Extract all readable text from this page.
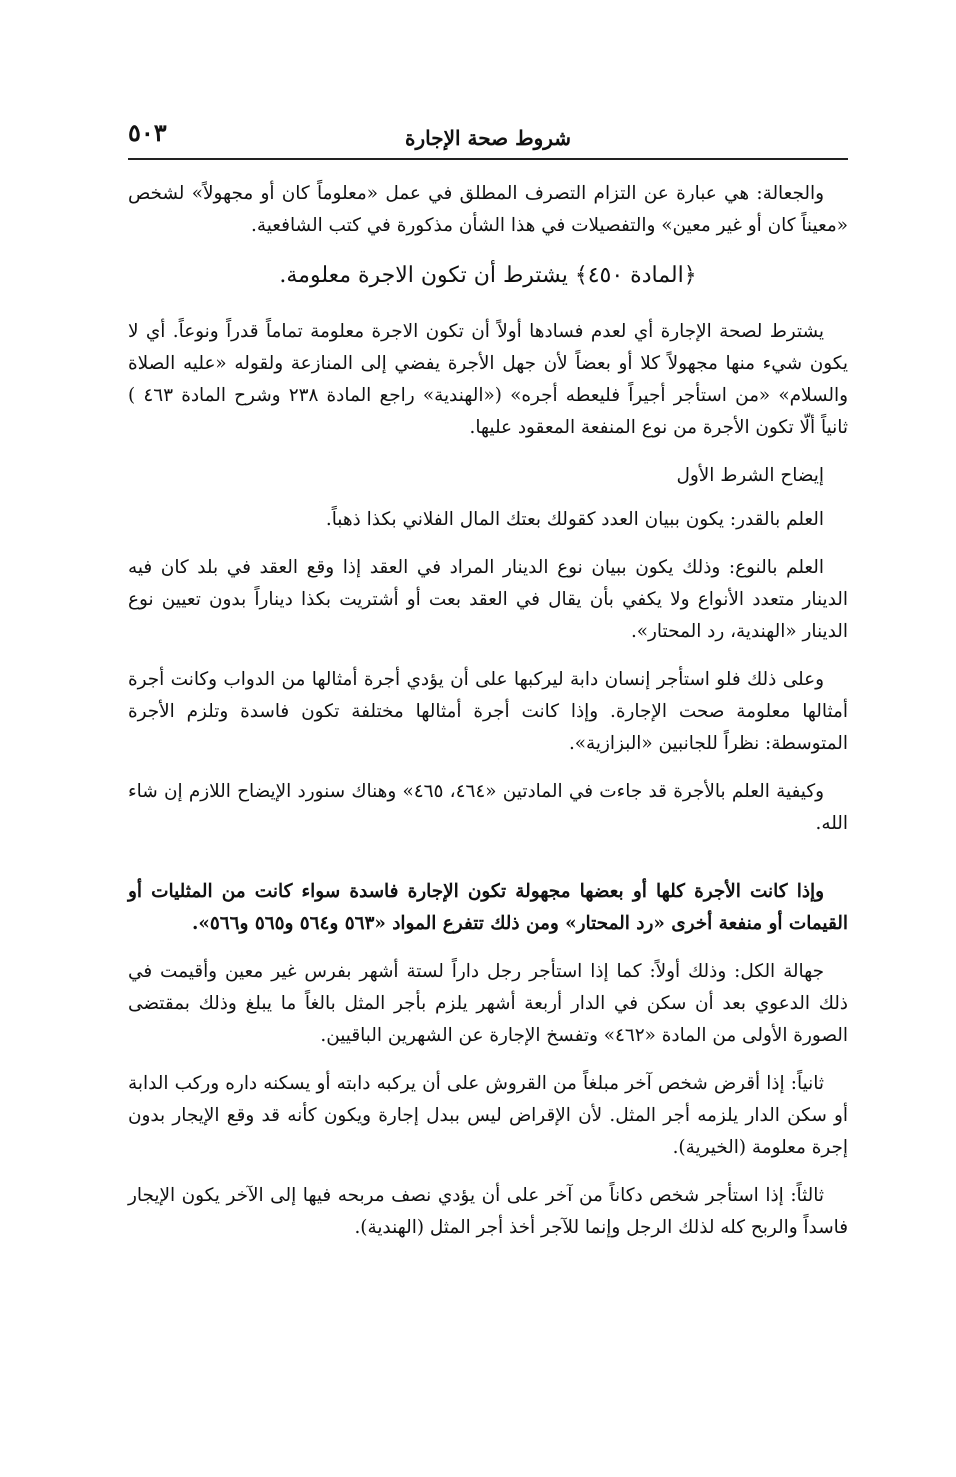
شروط صحة الإجارة
٥٠٣

والجعالة: هي عبارة عن التزام التصرف المطلق في عمل «معلوماً كان أو مجهولاً» لشخص «معيناً كان أو غير معين» والتفصيلات في هذا الشأن مذكورة في كتب الشافعية.

﴿المادة ٤٥٠﴾ يشترط أن تكون الاجرة معلومة.

يشترط لصحة الإجارة أي لعدم فسادها أولاً أن تكون الاجرة معلومة تماماً قدراً ونوعاً. أي لا يكون شيء منها مجهولاً كلا أو بعضاً لأن جهل الأجرة يفضي إلى المنازعة ولقوله «عليه الصلاة والسلام» «من استأجر أجيراً فليعطه أجره» («الهندية» راجع المادة ٢٣٨ وشرح المادة ٤٦٣ ) ثانياً ألّا تكون الأجرة من نوع المنفعة المعقود عليها.

إيضاح الشرط الأول

العلم بالقدر: يكون ببيان العدد كقولك بعتك المال الفلاني بكذا ذهباً.

العلم بالنوع: وذلك يكون ببيان نوع الدينار المراد في العقد إذا وقع العقد في بلد كان فيه الدينار متعدد الأنواع ولا يكفي بأن يقال في العقد بعت أو أشتريت بكذا ديناراً بدون تعيين نوع الدينار «الهندية، رد المحتار».

وعلى ذلك فلو استأجر إنسان دابة ليركبها على أن يؤدي أجرة أمثالها من الدواب وكانت أجرة أمثالها معلومة صحت الإجارة. وإذا كانت أجرة أمثالها مختلفة تكون فاسدة وتلزم الأجرة المتوسطة: نظراً للجانبين «البزازية».

وكيفية العلم بالأجرة قد جاءت في المادتين «٤٦٤، ٤٦٥» وهناك سنورد الإيضاح اللازم إن شاء الله.

وإذا كانت الأجرة كلها أو بعضها مجهولة تكون الإجارة فاسدة سواء كانت من المثليات أو القيمات أو منفعة أخرى «رد المحتار» ومن ذلك تتفرع المواد «٥٦٣ و٥٦٤ و٥٦٥ و٥٦٦».

جهالة الكل: وذلك أولاً: كما إذا استأجر رجل داراً لستة أشهر بفرس غير معين وأقيمت في ذلك الدعوي بعد أن سكن في الدار أربعة أشهر يلزم بأجر المثل بالغاً ما يبلغ وذلك بمقتضى الصورة الأولى من المادة «٤٦٢» وتفسخ الإجارة عن الشهرين الباقيين.

ثانياً: إذا أقرض شخص آخر مبلغاً من القروش على أن يركبه دابته أو يسكنه داره وركب الدابة أو سكن الدار يلزمه أجر المثل. لأن الإقراض ليس ببدل إجارة ويكون كأنه قد وقع الإيجار بدون إجرة معلومة (الخيرية).

ثالثاً: إذا استأجر شخص دكاناً من آخر على أن يؤدي نصف مربحه فيها إلى الآخر يكون الإيجار فاسداً والربح كله لذلك الرجل وإنما للآجر أخذ أجر المثل (الهندية).
